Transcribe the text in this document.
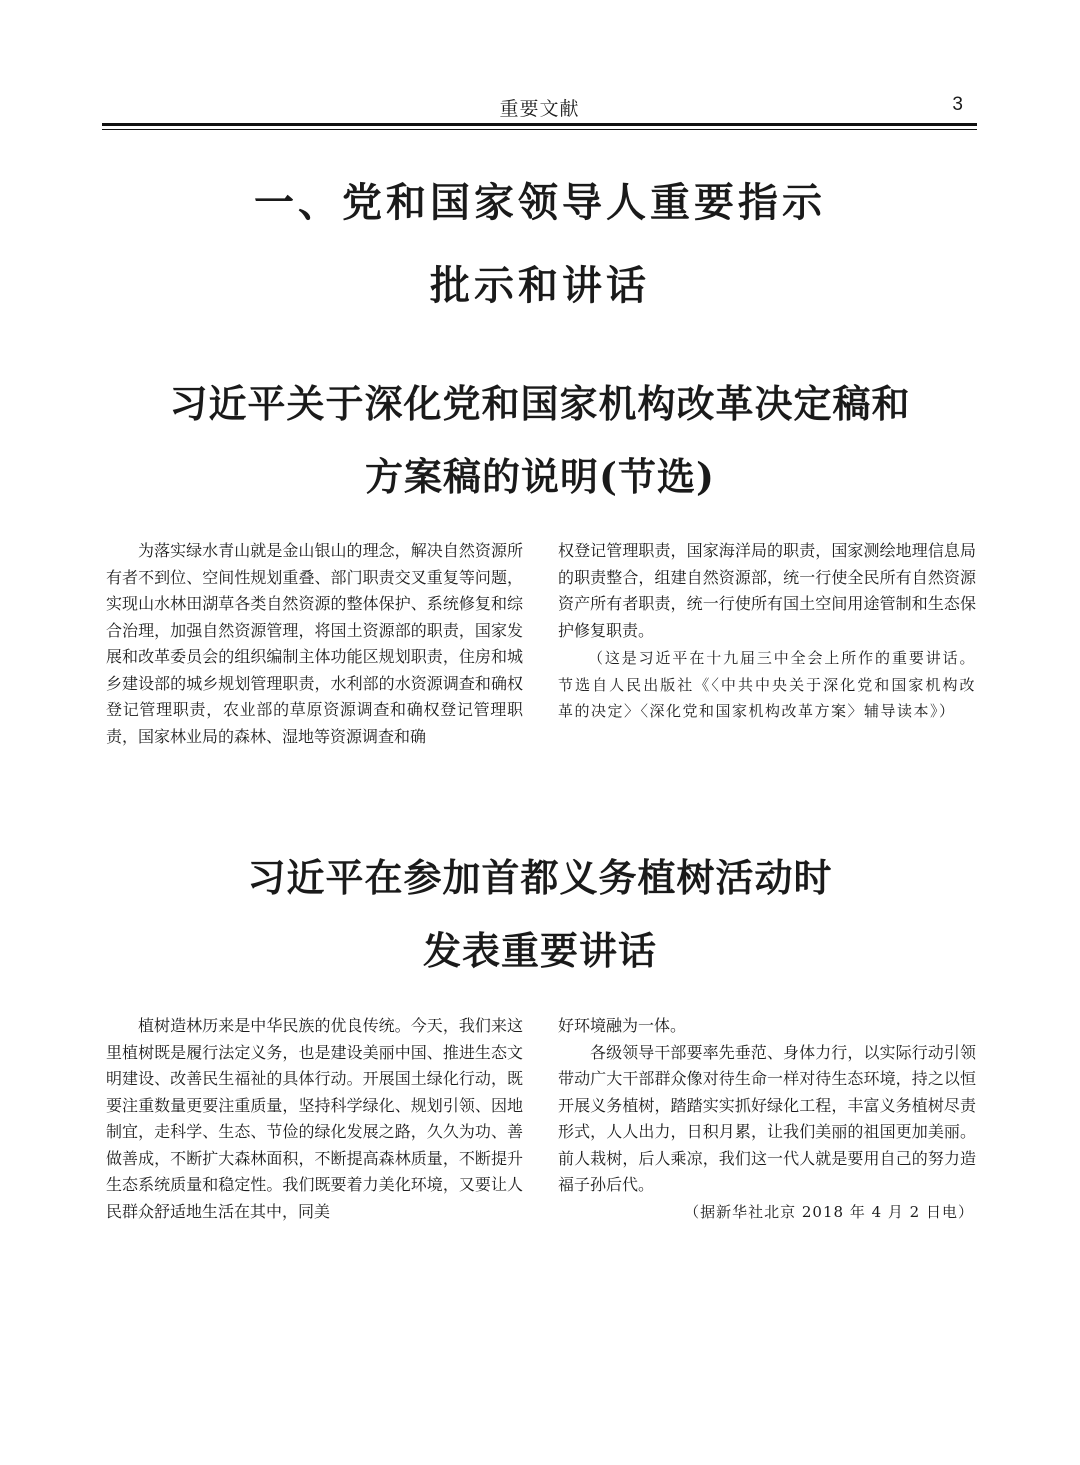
重要文献	3
一、党和国家领导人重要指示
批示和讲话
习近平关于深化党和国家机构改革决定稿和
方案稿的说明(节选)

为落实绿水青山就是金山银山的理念，解决自然资源所有者不到位、空间性规划重叠、部门职责交叉重复等问题，实现山水林田湖草各类自然资源的整体保护、系统修复和综合治理，加强自然资源管理，将国土资源部的职责，国家发展和改革委员会的组织编制主体功能区规划职责，住房和城乡建设部的城乡规划管理职责，水利部的水资源调查和确权登记管理职责，农业部的草原资源调查和确权登记管理职责，国家林业局的森林、湿地等资源调查和确

权登记管理职责，国家海洋局的职责，国家测绘地理信息局的职责整合，组建自然资源部，统一行使全民所有自然资源资产所有者职责，统一行使所有国土空间用途管制和生态保护修复职责。

（这是习近平在十九届三中全会上所作的重要讲话。节选自人民出版社《〈中共中央关于深化党和国家机构改革的决定〉〈深化党和国家机构改革方案〉辅导读本》）

习近平在参加首都义务植树活动时
发表重要讲话

植树造林历来是中华民族的优良传统。今天，我们来这里植树既是履行法定义务，也是建设美丽中国、推进生态文明建设、改善民生福祉的具体行动。开展国土绿化行动，既要注重数量更要注重质量，坚持科学绿化、规划引领、因地制宜，走科学、生态、节俭的绿化发展之路，久久为功、善做善成，不断扩大森林面积，不断提高森林质量，不断提升生态系统质量和稳定性。我们既要着力美化环境，又要让人民群众舒适地生活在其中，同美

好环境融为一体。

各级领导干部要率先垂范、身体力行，以实际行动引领带动广大干部群众像对待生命一样对待生态环境，持之以恒开展义务植树，踏踏实实抓好绿化工程，丰富义务植树尽责形式，人人出力，日积月累，让我们美丽的祖国更加美丽。前人栽树，后人乘凉，我们这一代人就是要用自己的努力造福子孙后代。

（据新华社北京 2018 年 4 月 2 日电）
